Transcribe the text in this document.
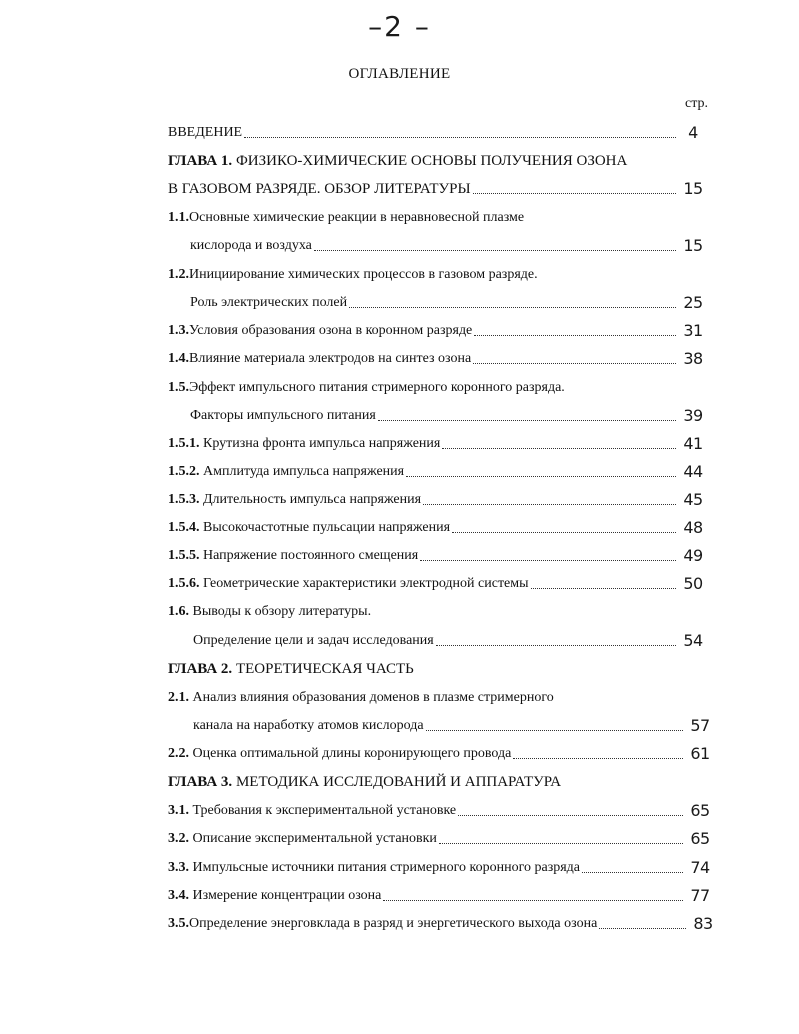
–2 –
ОГЛАВЛЕНИЕ
стр.
ВВЕДЕНИЕ	4
ГЛАВА 1. ФИЗИКО-ХИМИЧЕСКИЕ ОСНОВЫ ПОЛУЧЕНИЯ ОЗОНА
В ГАЗОВОМ РАЗРЯДЕ. ОБЗОР ЛИТЕРАТУРЫ	15
1.1.Основные химические реакции в неравновесной плазме
кислорода и воздуха	15
1.2.Инициирование химических процессов в газовом разряде.
Роль электрических полей	25
1.3.Условия образования озона в коронном разряде	31
1.4.Влияние материала электродов на синтез озона	38
1.5.Эффект импульсного питания стримерного коронного разряда.
Факторы импульсного питания	39
1.5.1. Крутизна фронта импульса напряжения	41
1.5.2. Амплитуда импульса напряжения	44
1.5.3. Длительность импульса напряжения	45
1.5.4. Высокочастотные пульсации напряжения	48
1.5.5. Напряжение постоянного смещения	49
1.5.6. Геометрические характеристики электродной системы	50
1.6. Выводы к обзору литературы.
Определение цели и задач исследования	54
ГЛАВА 2. ТЕОРЕТИЧЕСКАЯ ЧАСТЬ
2.1. Анализ влияния образования доменов в плазме стримерного
канала на наработку атомов кислорода	57
2.2. Оценка оптимальной длины коронирующего провода	61
ГЛАВА 3. МЕТОДИКА ИССЛЕДОВАНИЙ И АППАРАТУРА
3.1. Требования к экспериментальной установке	65
3.2. Описание экспериментальной установки	65
3.3. Импульсные источники питания стримерного коронного разряда	74
3.4. Измерение концентрации озона	77
3.5.Определение энерговклада в разряд и энергетического выхода озона	83
